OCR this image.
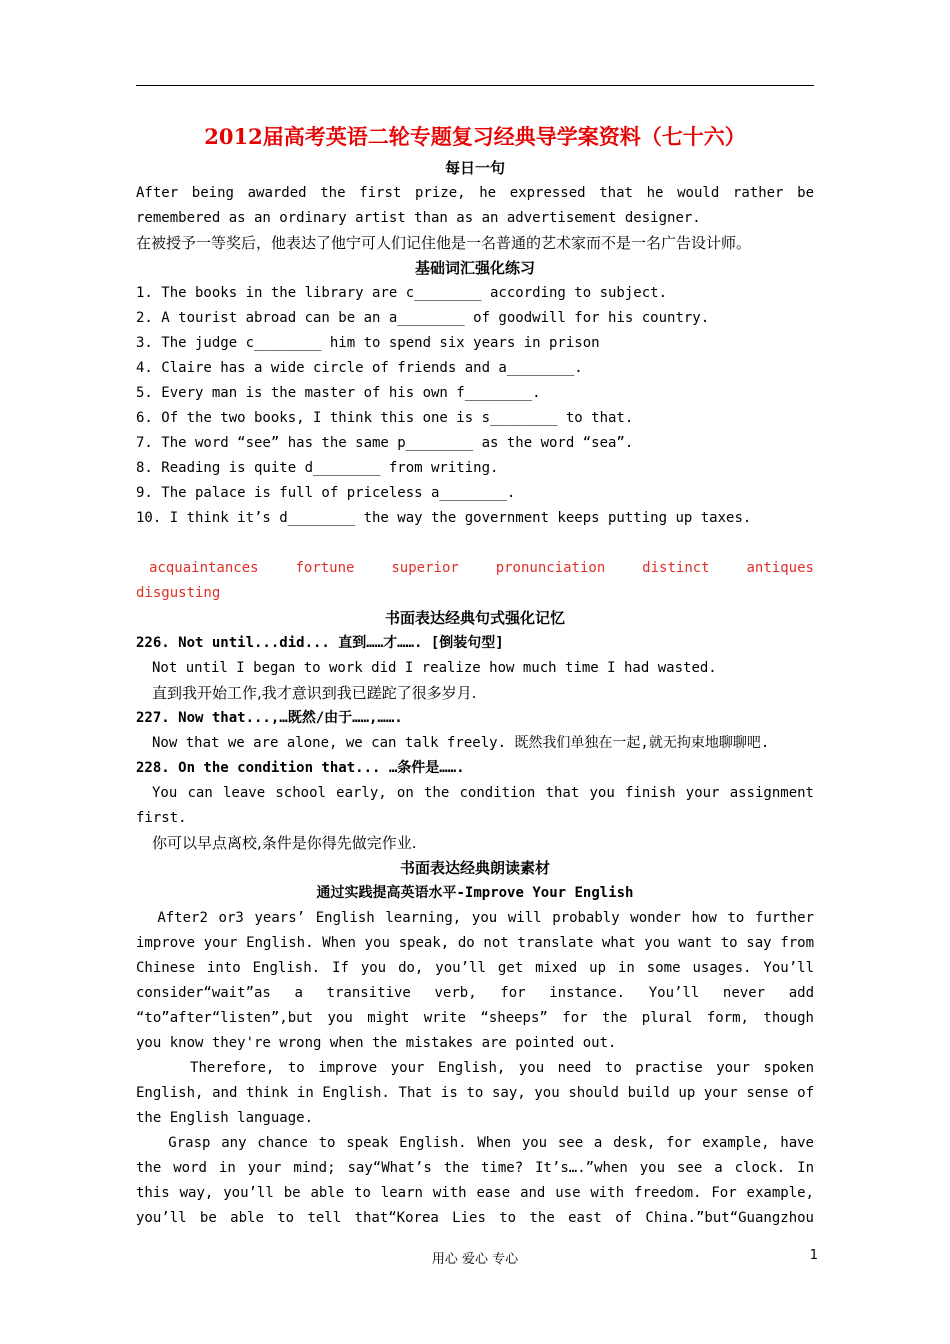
2012届高考英语二轮专题复习经典导学案资料（七十六）
每日一句
After being awarded the first prize, he expressed that he would rather be
remembered as an ordinary artist than as an advertisement designer.
在被授予一等奖后，他表达了他宁可人们记住他是一名普通的艺术家而不是一名广告设计师。
基础词汇强化练习
1. The books in the library are c________ according to subject.
2. A tourist abroad can be an a________ of goodwill for his country.
3. The judge c________ him to spend six years in prison
4. Claire has a wide circle of friends and a________.
5. Every man is the master of his own f________.
6. Of the two books, I think this one is s________ to that.
7. The word “see” has the same p________ as the word “sea”.
8. Reading is quite d________ from writing.
9. The palace is full of priceless a________.
10. I think it’s d________ the way the government keeps putting up taxes.

acquaintances	fortune	superior	pronunciation	distinct	antiques
disgusting
书面表达经典句式强化记忆
226. Not until...did... 直到……才……. [倒装句型]
Not until I began to work did I realize how much time I had wasted.
直到我开始工作,我才意识到我已蹉跎了很多岁月.
227. Now that...,…既然/由于……,…….
Now that we are alone, we can talk freely. 既然我们单独在一起,就无拘束地聊聊吧.
228. On the condition that... …条件是…….
You can leave school early, on the condition that you finish your assignment
first.
你可以早点离校,条件是你得先做完作业.
书面表达经典朗读素材
通过实践提高英语水平-Improve Your English
After2 or3 years’ English learning, you will probably wonder how to further
improve your English. When you speak, do not translate what you want to say from
Chinese into English. If you do, you’ll get mixed up in some usages. You’ll
consider“wait”as a transitive verb, for instance. You’ll never add
“to”after“listen”,but you might write “sheeps” for the plural form, though
you know they're wrong when the mistakes are pointed out.
Therefore, to improve your English, you need to practise your spoken
English, and think in English. That is to say, you should build up your sense of
the English language.
Grasp any chance to speak English. When you see a desk, for example, have
the word in your mind; say“What’s the time? It’s….”when you see a clock. In
this way, you’ll be able to learn with ease and use with freedom. For example,
you’ll be able to tell that“Korea Lies to the east of China.”but“Guangzhou
用心 爱心 专心	1
